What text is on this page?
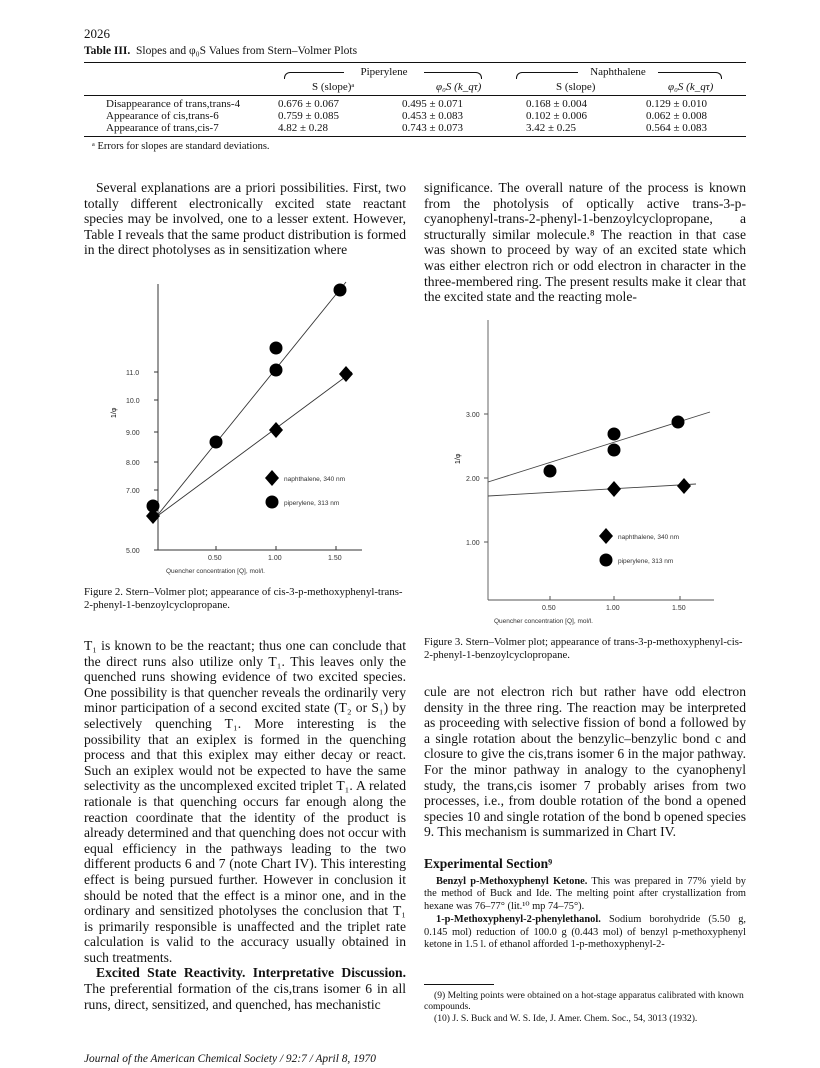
2026
Table III. Slopes and φ₀S Values from Stern–Volmer Plots
Piperylene	Naphthalene
S (slope)ᵃ	φ₀S (k_qτ)	S (slope)	φ₀S (k_qτ)
Disappearance of trans,trans-4	0.676 ± 0.067	0.495 ± 0.071	0.168 ± 0.004	0.129 ± 0.010
Appearance of cis,trans-6	0.759 ± 0.085	0.453 ± 0.083	0.102 ± 0.006	0.062 ± 0.008
Appearance of trans,cis-7	4.82 ± 0.28	0.743 ± 0.073	3.42 ± 0.25	0.564 ± 0.083
ᵃ Errors for slopes are standard deviations.

Several explanations are a priori possibilities. First, two totally different electronically excited state reactant species may be involved, one to a lesser extent. However, Table I reveals that the same product distribution is formed in the direct photolyses as in sensitization where

significance. The overall nature of the process is known from the photolysis of optically active trans-3-p-cyanophenyl-trans-2-phenyl-1-benzoylcyclopropane, a structurally similar molecule.⁸ The reaction in that case was shown to proceed by way of an excited state which was either electron rich or odd electron in character in the three-membered ring. The present results make it clear that the excited state and the reacting mole-

11.0
10.0
9.00
8.00
7.00
5.00
1/φ
0.50	1.00	1.50
Quencher concentration [Q], mol/l.
naphthalene, 340 nm
piperylene, 313 nm
Figure 2. Stern–Volmer plot; appearance of cis-3-p-methoxyphenyl-trans-2-phenyl-1-benzoylcyclopropane.
3.00
2.00
1.00
1/φ
0.50	1.00	1.50
Quencher concentration [Q], mol/l.
naphthalene, 340 nm
piperylene, 313 nm
Figure 3. Stern–Volmer plot; appearance of trans-3-p-methoxyphenyl-cis-2-phenyl-1-benzoylcyclopropane.

T₁ is known to be the reactant; thus one can conclude that the direct runs also utilize only T₁. This leaves only the quenched runs showing evidence of two excited species. One possibility is that quencher reveals the ordinarily very minor participation of a second excited state (T₂ or S₁) by selectively quenching T₁. More interesting is the possibility that an exiplex is formed in the quenching process and that this exiplex may either decay or react. Such an exiplex would not be expected to have the same selectivity as the uncomplexed excited triplet T₁. A related rationale is that quenching occurs far enough along the reaction coordinate that the identity of the product is already determined and that quenching does not occur with equal efficiency in the pathways leading to the two different products 6 and 7 (note Chart IV). This interesting effect is being pursued further. However in conclusion it should be noted that the effect is a minor one, and in the ordinary and sensitized photolyses the conclusion that T₁ is primarily responsible is unaffected and the triplet rate calculation is valid to the accuracy usually obtained in such treatments.

Excited State Reactivity. Interpretative Discussion. The preferential formation of the cis,trans isomer 6 in all runs, direct, sensitized, and quenched, has mechanistic

cule are not electron rich but rather have odd electron density in the three ring. The reaction may be interpreted as proceeding with selective fission of bond a followed by a single rotation about the benzylic–benzylic bond c and closure to give the cis,trans isomer 6 in the major pathway. For the minor pathway in analogy to the cyanophenyl study, the trans,cis isomer 7 probably arises from two processes, i.e., from double rotation of the bond a opened species 10 and single rotation of the bond b opened species 9. This mechanism is summarized in Chart IV.

Experimental Section⁹

Benzyl p-Methoxyphenyl Ketone. This was prepared in 77% yield by the method of Buck and Ide. The melting point after crystallization from hexane was 76–77° (lit.¹⁰ mp 74–75°).

1-p-Methoxyphenyl-2-phenylethanol. Sodium borohydride (5.50 g, 0.145 mol) reduction of 100.0 g (0.443 mol) of benzyl p-methoxyphenyl ketone in 1.5 l. of ethanol afforded 1-p-methoxyphenyl-2-

(9) Melting points were obtained on a hot-stage apparatus calibrated with known compounds.
(10) J. S. Buck and W. S. Ide, J. Amer. Chem. Soc., 54, 3013 (1932).
Journal of the American Chemical Society / 92:7 / April 8, 1970
